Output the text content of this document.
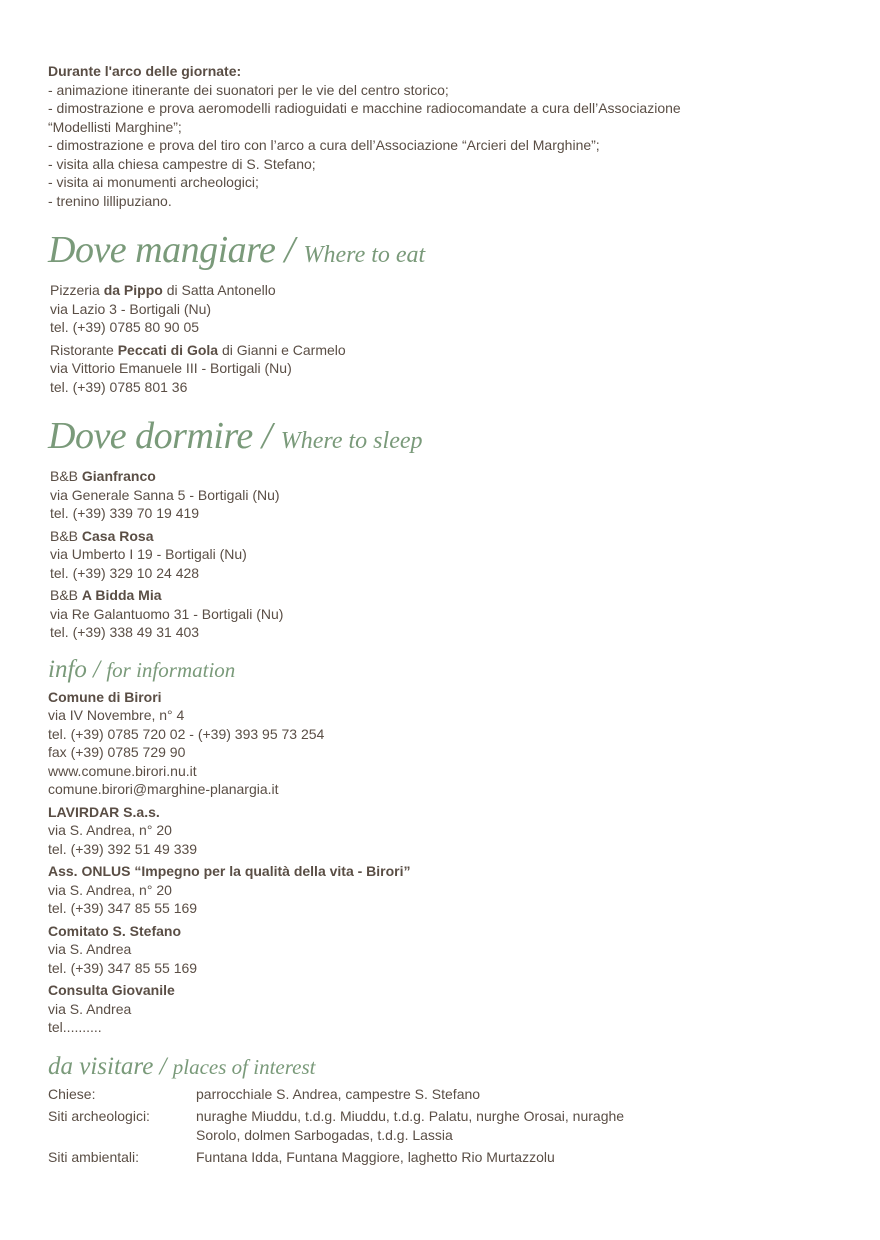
Durante l'arco delle giornate:
- animazione itinerante dei suonatori per le vie del centro storico;
- dimostrazione e prova aeromodelli radioguidati e macchine radiocomandate a cura dell’Associazione
“Modellisti Marghine”;
- dimostrazione e prova del tiro con l’arco a cura dell’Associazione “Arcieri del Marghine”;
- visita alla chiesa campestre di S. Stefano;
- visita ai monumenti archeologici;
- trenino lillipuziano.
Dove mangiare / Where to eat
Pizzeria da Pippo di Satta Antonello
via Lazio 3 - Bortigali (Nu)
tel. (+39) 0785 80 90 05
Ristorante Peccati di Gola di Gianni e Carmelo
via Vittorio Emanuele III - Bortigali (Nu)
tel. (+39) 0785 801 36
Dove dormire / Where to sleep
B&B Gianfranco
via Generale Sanna 5 - Bortigali (Nu)
tel. (+39) 339 70 19 419
B&B Casa Rosa
via Umberto I 19 - Bortigali (Nu)
tel. (+39) 329 10 24 428
B&B A Bidda Mia
via Re Galantuomo 31 - Bortigali (Nu)
tel. (+39) 338 49 31 403
info / for information
Comune di Birori
via IV Novembre, n° 4
tel. (+39) 0785 720 02 - (+39) 393 95 73 254
fax (+39) 0785 729 90
www.comune.birori.nu.it
comune.birori@marghine-planargia.it
LAVIRDAR S.a.s.
via S. Andrea, n° 20
tel. (+39) 392 51 49 339
Ass. ONLUS “Impegno per la qualità della vita - Birori”
via S. Andrea, n° 20
tel. (+39) 347 85 55 169
Comitato S. Stefano
via S. Andrea
tel. (+39) 347 85 55 169
Consulta Giovanile
via S. Andrea
tel..........
da visitare / places of interest
Chiese:	parrocchiale S. Andrea, campestre S. Stefano
Siti archeologici:	nuraghe Miuddu, t.d.g. Miuddu, t.d.g. Palatu, nurghe Orosai, nuraghe
Sorolo, dolmen Sarbogadas, t.d.g. Lassia
Siti ambientali:	Funtana Idda, Funtana Maggiore, laghetto Rio Murtazzolu
